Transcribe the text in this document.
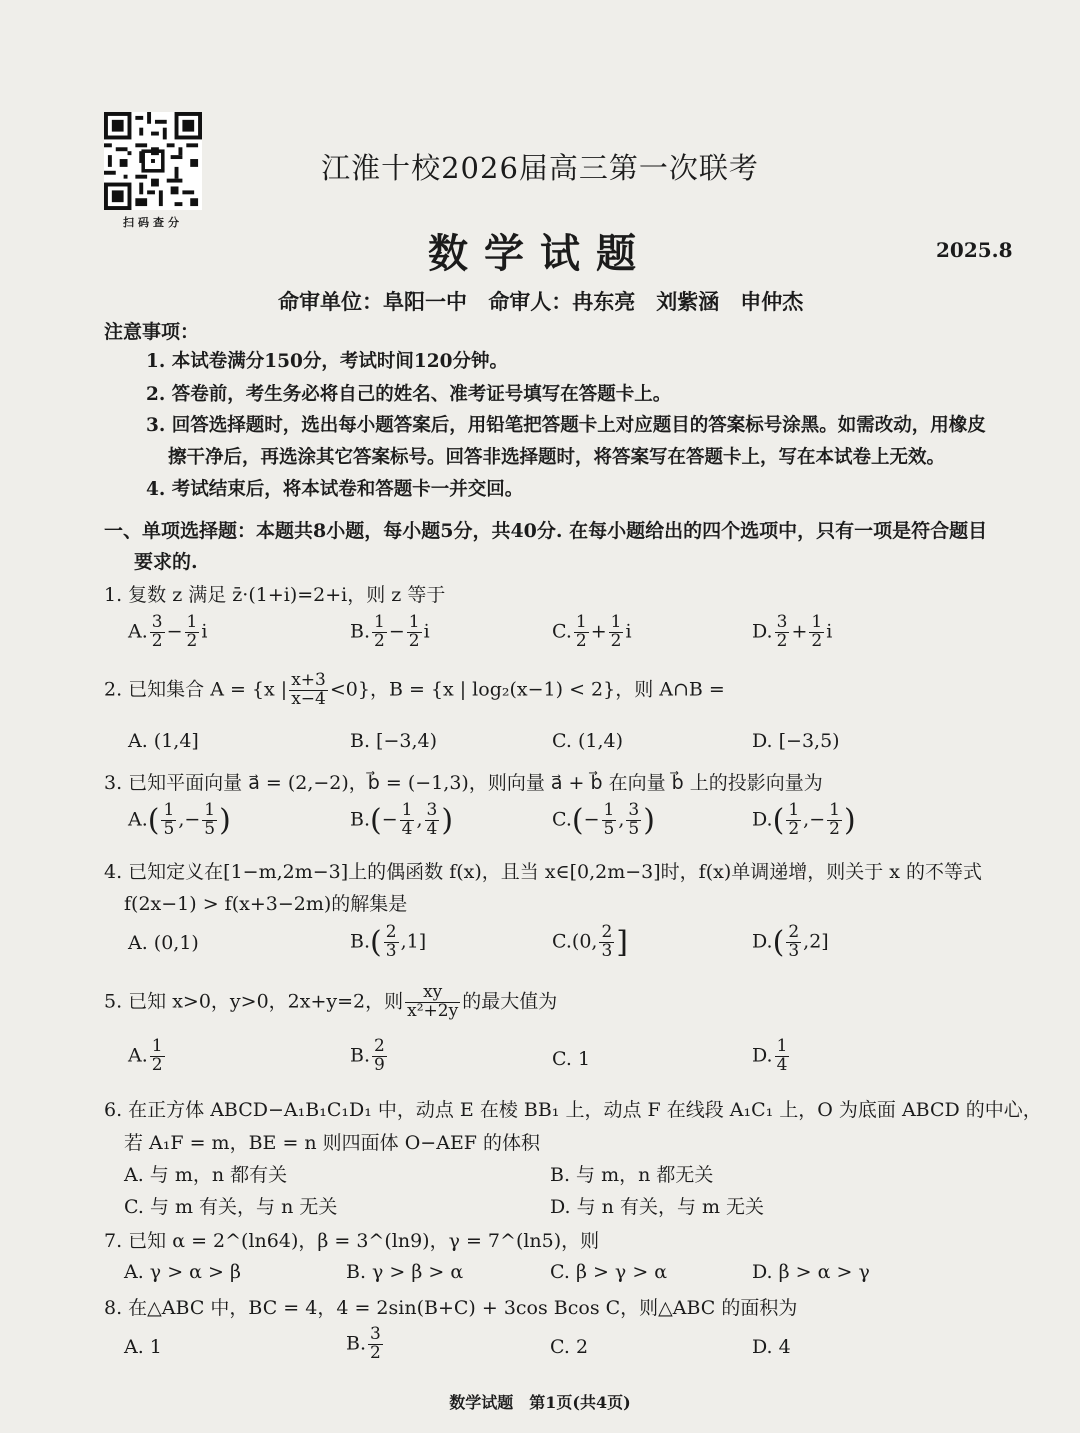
扫码查分
江淮十校2026届高三第一次联考
数学试题	2025.8
命审单位：阜阳一中 命审人：冉东亮　刘紫涵　申仲杰
注意事项：
1. 本试卷满分150分，考试时间120分钟。
2. 答卷前，考生务必将自己的姓名、准考证号填写在答题卡上。
3. 回答选择题时，选出每小题答案后，用铅笔把答题卡上对应题目的答案标号涂黑。如需改动，用橡皮
擦干净后，再选涂其它答案标号。回答非选择题时，将答案写在答题卡上，写在本试卷上无效。
4. 考试结束后，将本试卷和答题卡一并交回。
一、单项选择题：本题共8小题，每小题5分，共40分. 在每小题给出的四个选项中，只有一项是符合题目
要求的.
1. 复数 z 满足 z̄·(1+i)=2+i，则 z 等于
A. $\frac{3}{2} - \frac{1}{2}$ i	B. $\frac{1}{2} - \frac{1}{2}$ i	C. $\frac{1}{2} + \frac{1}{2}$ i	D. $\frac{3}{2} + \frac{1}{2}$ i
2. 已知集合 A = {x | $\frac{x+3}{x-4} <0$}，B = {x | log₂(x−1) < 2}，则 A∩B =
A. (1,4]	B. [−3,4)	C. (1,4)	D. [−3,5)
3. 已知平面向量 a⃗ = (2,−2)，b⃗ = (−1,3)，则向量 a⃗ + b⃗ 在向量 b⃗ 上的投影向量为
$A.( \frac{1}{5}$ ,− $\frac{1}{5}$ )	$B.(- \frac{1}{4}$ , $\frac{3}{4}$ )	$C.(- \frac{1}{5}$ , $\frac{3}{5}$ )	$D.( \frac{1}{2}$ ,− $\frac{1}{2}$ )
4. 已知定义在[1−m,2m−3]上的偶函数 f(x)，且当 x∈[0,2m−3]时，f(x)单调递增，则关于 x 的不等式
f(2x−1) > f(x+3−2m)的解集是
A. (0,1)	$B.( \frac{2}{3} ,1]$	C.(0, $\frac{2}{3}$ ]	$D.( \frac{2}{3} ,2]$
5. 已知 x>0，y>0，2x+y=2，则 $\frac{xy}{\text{x²+2y}}$ 的最大值为
A. $\frac{1}{2}$	B. $\frac{2}{9}$	C. 1	D. $\frac{1}{4}$
6. 在正方体 ABCD−A₁B₁C₁D₁ 中，动点 E 在棱 BB₁ 上，动点 F 在线段 A₁C₁ 上，O 为底面 ABCD 的中心，
若 A₁F = m，BE = n 则四面体 O−AEF 的体积
A. 与 m，n 都有关	B. 与 m，n 都无关
C. 与 m 有关，与 n 无关	D. 与 n 有关，与 m 无关
7. 已知 α = 2^(ln64)，β = 3^(ln9)，γ = 7^(ln5)，则
A. γ > α > β	B. γ > β > α	C. β > γ > α	D. β > α > γ
8. 在△ABC 中，BC = 4，4 = 2sin(B+C) + 3cos Bcos C，则△ABC 的面积为
A. 1	B. $\frac{3}{2}$	C. 2	D. 4
数学试题　第1页(共4页)
